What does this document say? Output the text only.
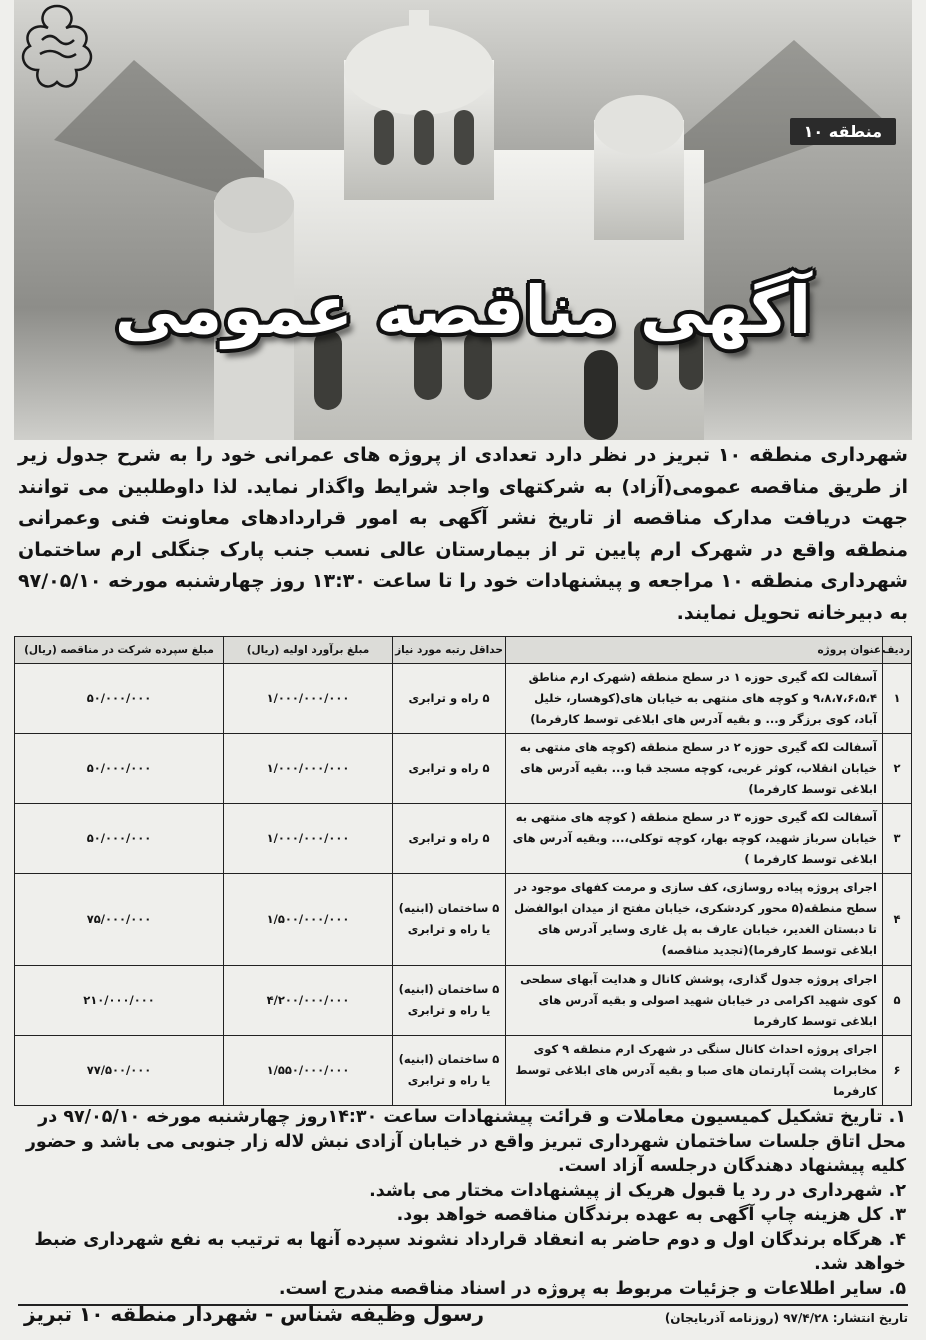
منطقه ۱۰
آگهی مناقصه عمومی
شهرداری منطقه ۱۰ تبریز در نظر دارد تعدادی از پروژه های عمرانی خود را به شرح جدول زیر از طریق مناقصه عمومی(آزاد) به شرکتهای واجد شرایط واگذار نماید. لذا داوطلبین می توانند جهت دریافت مدارک مناقصه از تاریخ نشر آگهی به امور قراردادهای معاونت فنی وعمرانی منطقه واقع در شهرک ارم پایین تر از بیمارستان عالی نسب جنب پارک جنگلی ارم ساختمان شهرداری منطقه ۱۰ مراجعه و پیشنهادات خود را تا ساعت ۱۳:۳۰ روز چهارشنبه مورخه ۹۷/۰۵/۱۰ به دبیرخانه تحویل نمایند.
ردیف	عنوان پروژه	حداقل رتبه مورد نیاز	مبلغ برآورد اولیه (ریال)	مبلغ سپرده شرکت در مناقصه (ریال)
۱	آسفالت لکه گیری حوزه ۱ در سطح منطقه (شهرک ارم مناطق ۹،۸،۷،۶،۵،۴ و کوچه های منتهی به خیابان های(کوهسار، خلیل آباد، کوی برزگر و... و بقیه آدرس های ابلاغی توسط کارفرما)	۵ راه و ترابری	۱/۰۰۰/۰۰۰/۰۰۰	۵۰/۰۰۰/۰۰۰
۲	آسفالت لکه گیری حوزه ۲ در سطح منطقه (کوچه های منتهی به خیابان انقلاب، کوثر غربی، کوچه مسجد قبا و... بقیه آدرس های ابلاغی توسط کارفرما)	۵ راه و ترابری	۱/۰۰۰/۰۰۰/۰۰۰	۵۰/۰۰۰/۰۰۰
۳	آسفالت لکه گیری حوزه ۳ در سطح منطقه ( کوچه های منتهی به خیابان سرباز شهید، کوچه بهار، کوچه توکلی،... وبقیه آدرس های ابلاغی توسط کارفرما )	۵ راه و ترابری	۱/۰۰۰/۰۰۰/۰۰۰	۵۰/۰۰۰/۰۰۰
۴	اجرای پروژه پیاده روسازی، کف سازی و مرمت کفهای موجود در سطح منطقه(۵ محور کردشکری، خیابان مفتح از میدان ابوالفضل تا دبستان الغدیر، خیابان عارف به پل غاری وسایر آدرس های ابلاغی توسط کارفرما)(تجدید مناقصه)	۵ ساختمان (ابنیه) یا راه و ترابری	۱/۵۰۰/۰۰۰/۰۰۰	۷۵/۰۰۰/۰۰۰
۵	اجرای پروژه جدول گذاری، پوشش کانال و هدایت آبهای سطحی کوی شهید اکرامی در خیابان شهید اصولی و بقیه آدرس های ابلاغی توسط کارفرما	۵ ساختمان (ابنیه) یا راه و ترابری	۴/۲۰۰/۰۰۰/۰۰۰	۲۱۰/۰۰۰/۰۰۰
۶	اجرای پروژه احداث کانال سنگی در شهرک ارم منطقه ۹ کوی مخابرات پشت آپارتمان های صبا و بقیه آدرس های ابلاغی توسط کارفرما	۵ ساختمان (ابنیه) یا راه و ترابری	۱/۵۵۰/۰۰۰/۰۰۰	۷۷/۵۰۰/۰۰۰

۱. تاریخ تشکیل کمیسیون معاملات و قرائت پیشنهادات ساعت ۱۴:۳۰روز چهارشنبه مورخه ۹۷/۰۵/۱۰ در محل اتاق جلسات ساختمان شهرداری تبریز واقع در خیابان آزادی نبش لاله زار جنوبی می باشد و حضور کلیه پیشنهاد دهندگان درجلسه آزاد است.

۲. شهرداری در رد یا قبول هریک از پیشنهادات مختار می باشد.

۳. کل هزینه چاپ آگهی به عهده برندگان مناقصه خواهد بود.

۴. هرگاه برندگان اول و دوم حاضر به انعقاد قرارداد نشوند سپرده آنها به ترتیب به نفع شهرداری ضبط خواهد شد.

۵. سایر اطلاعات و جزئیات مربوط به پروژه در اسناد مناقصه مندرج است.

تاریخ انتشار: ۹۷/۴/۲۸ (روزنامه آذربایجان)
رسول وظیفه شناس - شهردار منطقه ۱۰ تبریز
